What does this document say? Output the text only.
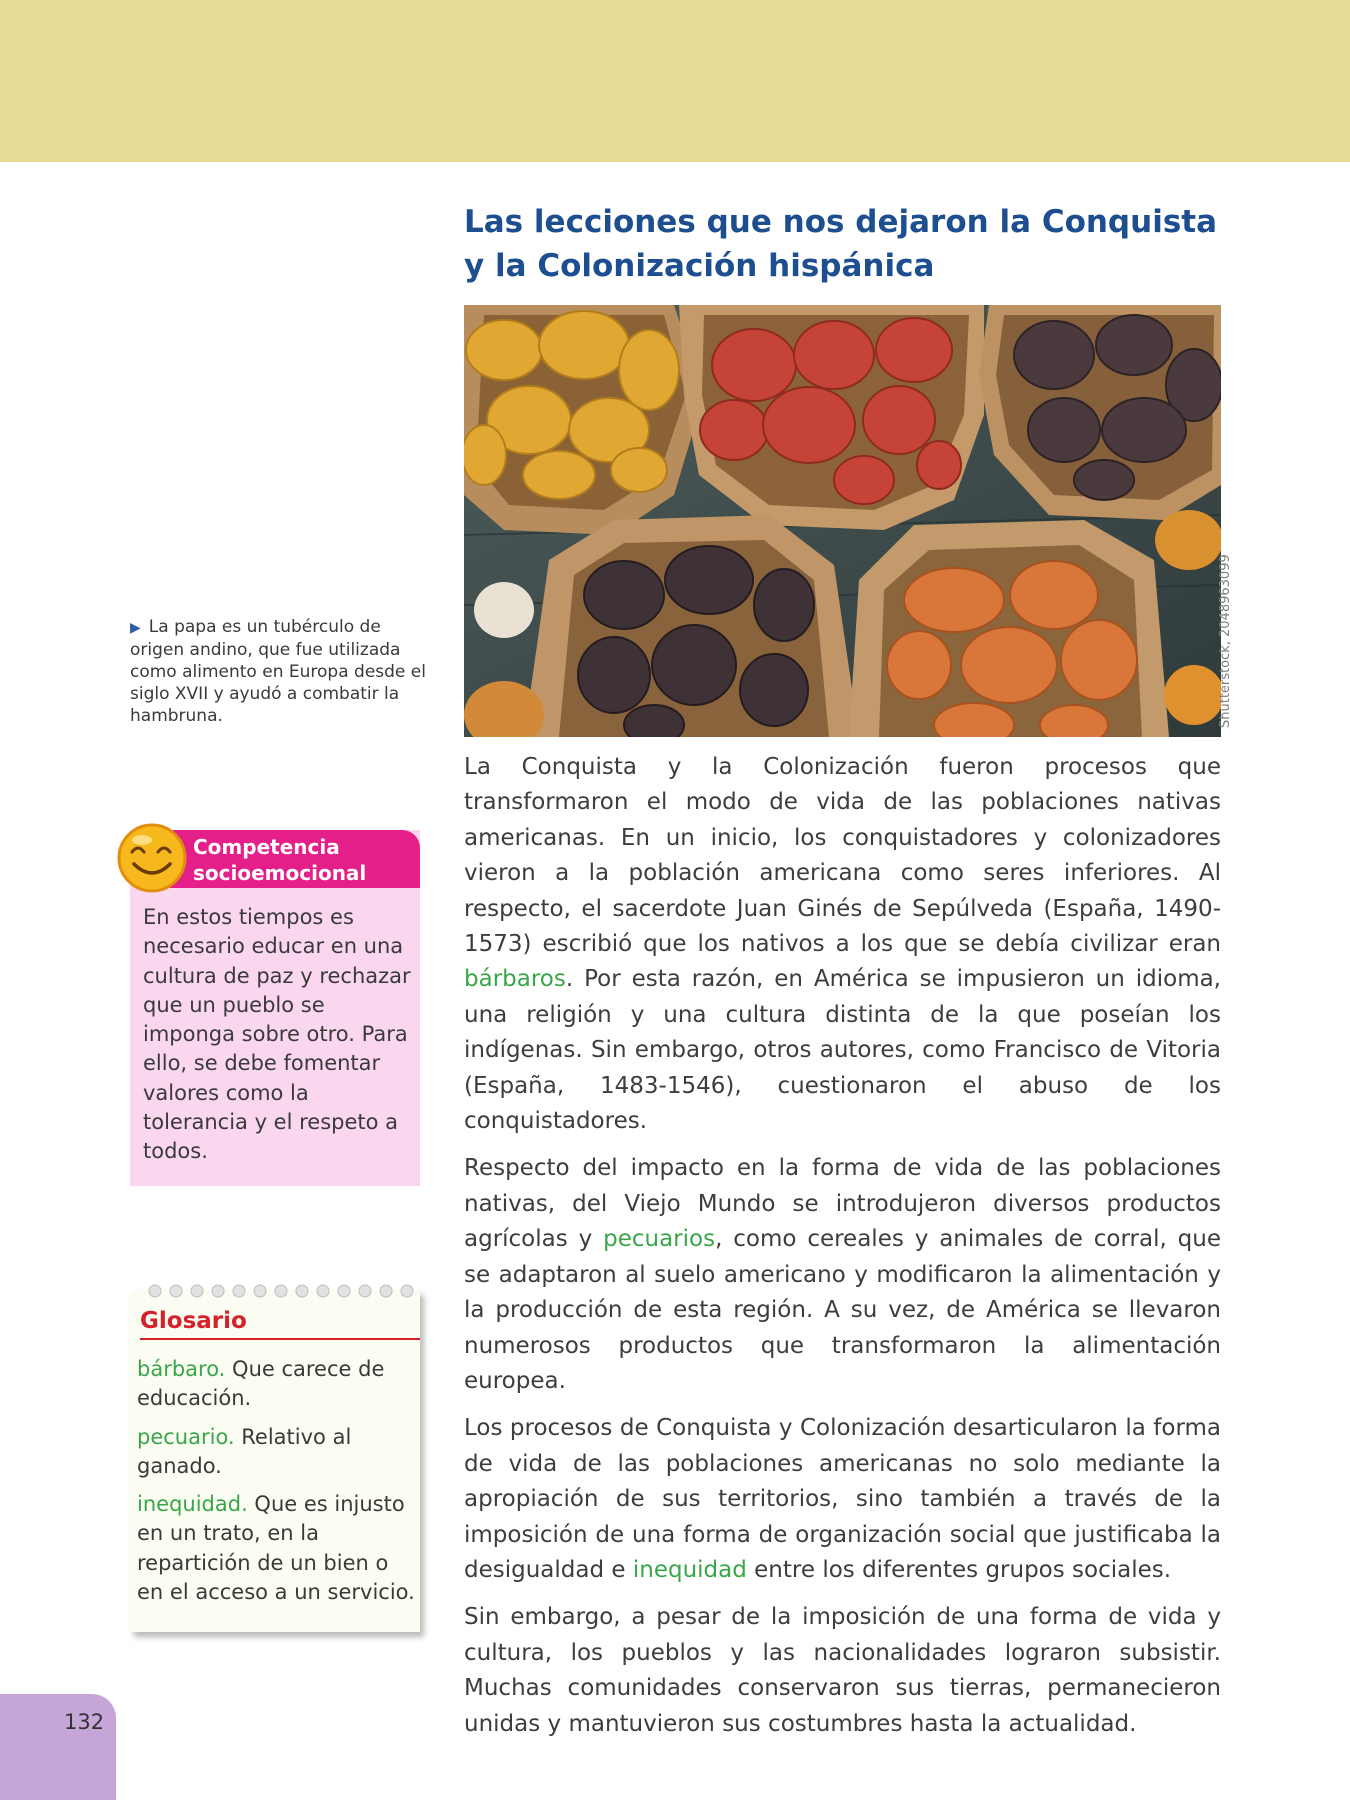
Las lecciones que nos dejaron la Conquista
y la Colonización hispánica
Shutterstock, 2048963099
▶ La papa es un tubérculo de origen andino, que fue utilizada como alimento en Europa desde el siglo XVII y ayudó a combatir la hambruna.

La Conquista y la Colonización fueron procesos que transformaron el modo de vida de las poblaciones nativas americanas. En un inicio, los conquistadores y colonizadores vieron a la población americana como seres inferiores. Al respecto, el sacerdote Juan Ginés de Sepúlveda (España, 1490-1573) escribió que los nativos a los que se debía civilizar eran bárbaros. Por esta razón, en América se impusieron un idioma, una religión y una cultura distinta de la que poseían los indígenas. Sin embargo, otros autores, como Francisco de Vitoria (España, 1483-1546), cuestionaron el abuso de los conquistadores.

Respecto del impacto en la forma de vida de las poblaciones nativas, del Viejo Mundo se introdujeron diversos productos agrícolas y pecuarios, como cereales y animales de corral, que se adaptaron al suelo americano y modificaron la alimentación y la producción de esta región. A su vez, de América se llevaron numerosos productos que transformaron la alimentación europea.

Los procesos de Conquista y Colonización desarticularon la forma de vida de las poblaciones americanas no solo mediante la apropiación de sus territorios, sino también a través de la imposición de una forma de organización social que justificaba la desigualdad e inequidad entre los diferentes grupos sociales.

Sin embargo, a pesar de la imposición de una forma de vida y cultura, los pueblos y las nacionalidades lograron subsistir. Muchas comunidades conservaron sus tierras, permanecieron unidas y mantuvieron sus costumbres hasta la actualidad.

Competencia
socioemocional
En estos tiempos es necesario educar en una cultura de paz y rechazar que un pueblo se imponga sobre otro. Para ello, se debe fomentar valores como la tolerancia y el respeto a todos.
Glosario

bárbaro. Que carece de educación.

pecuario. Relativo al ganado.

inequidad. Que es injusto en un trato, en la repartición de un bien o en el acceso a un servicio.

132
